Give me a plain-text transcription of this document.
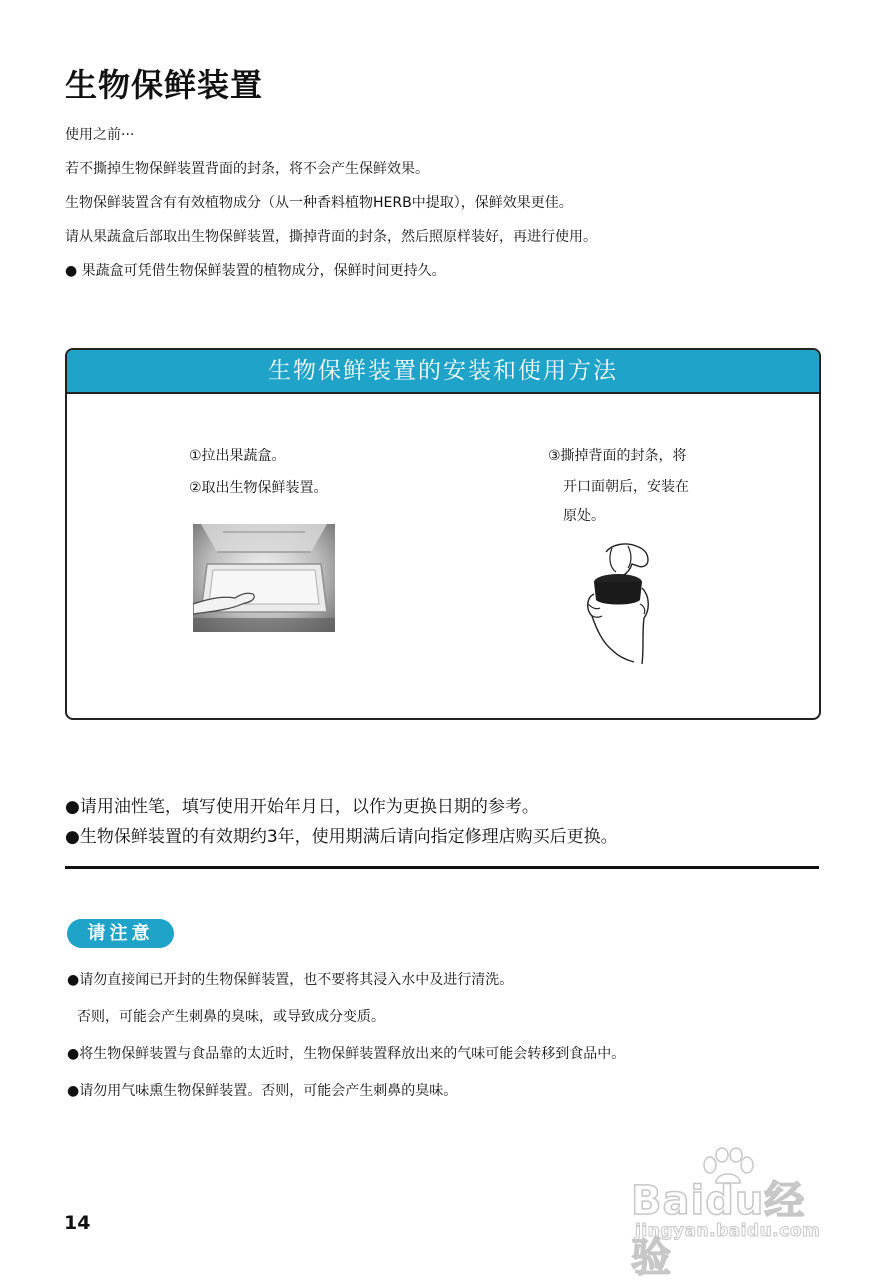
生物保鲜装置

使用之前···

若不撕掉生物保鲜装置背面的封条，将不会产生保鲜效果。

生物保鲜装置含有有效植物成分（从一种香料植物HERB中提取），保鲜效果更佳。

请从果蔬盒后部取出生物保鲜装置，撕掉背面的封条，然后照原样装好，再进行使用。

● 果蔬盒可凭借生物保鲜装置的植物成分，保鲜时间更持久。

生物保鲜装置的安装和使用方法

①拉出果蔬盒。

②取出生物保鲜装置。

③撕掉背面的封条，将

开口面朝后，安装在

原处。

●请用油性笔，填写使用开始年月日，以作为更换日期的参考。

●生物保鲜装置的有效期约3年，使用期满后请向指定修理店购买后更换。

请注意

●请勿直接闻已开封的生物保鲜装置，也不要将其浸入水中及进行清洗。

否则，可能会产生刺鼻的臭味，或导致成分变质。

●将生物保鲜装置与食品靠的太近时，生物保鲜装置释放出来的气味可能会转移到食品中。

●请勿用气味熏生物保鲜装置。否则，可能会产生刺鼻的臭味。

14	Baidu经验
jingyan.baidu.com
